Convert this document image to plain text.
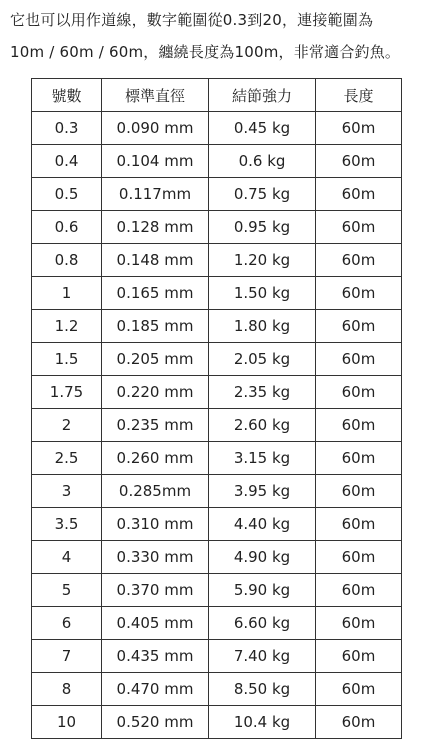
它也可以用作道線，數字範圍從0.3到20，連接範圍為

10m / 60m / 60m，纏繞長度為100m，非常適合釣魚。

號數	標準直徑	結節強力	長度
0.3	0.090 mm	0.45 kg	60m
0.4	0.104 mm	0.6 kg	60m
0.5	0.117mm	0.75 kg	60m
0.6	0.128 mm	0.95 kg	60m
0.8	0.148 mm	1.20 kg	60m
1	0.165 mm	1.50 kg	60m
1.2	0.185 mm	1.80 kg	60m
1.5	0.205 mm	2.05 kg	60m
1.75	0.220 mm	2.35 kg	60m
2	0.235 mm	2.60 kg	60m
2.5	0.260 mm	3.15 kg	60m
3	0.285mm	3.95 kg	60m
3.5	0.310 mm	4.40 kg	60m
4	0.330 mm	4.90 kg	60m
5	0.370 mm	5.90 kg	60m
6	0.405 mm	6.60 kg	60m
7	0.435 mm	7.40 kg	60m
8	0.470 mm	8.50 kg	60m
10	0.520 mm	10.4 kg	60m
